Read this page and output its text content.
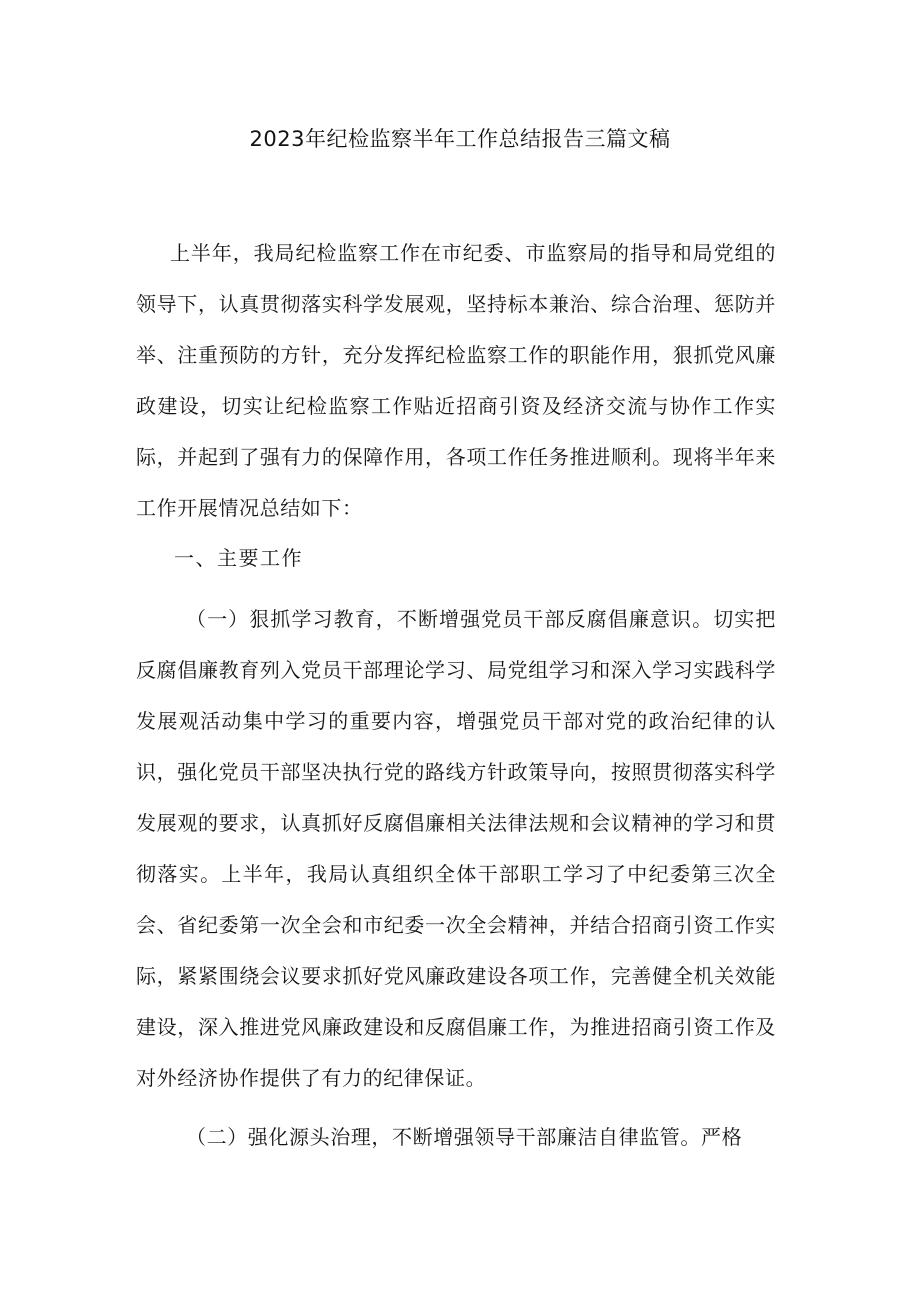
2023年纪检监察半年工作总结报告三篇文稿

上半年，我局纪检监察工作在市纪委、市监察局的指导和局党组的领导下，认真贯彻落实科学发展观，坚持标本兼治、综合治理、惩防并举、注重预防的方针，充分发挥纪检监察工作的职能作用，狠抓党风廉政建设，切实让纪检监察工作贴近招商引资及经济交流与协作工作实际，并起到了强有力的保障作用，各项工作任务推进顺利。现将半年来工作开展情况总结如下：

一、主要工作

（一）狠抓学习教育，不断增强党员干部反腐倡廉意识。切实把反腐倡廉教育列入党员干部理论学习、局党组学习和深入学习实践科学发展观活动集中学习的重要内容，增强党员干部对党的政治纪律的认识，强化党员干部坚决执行党的路线方针政策导向，按照贯彻落实科学发展观的要求，认真抓好反腐倡廉相关法律法规和会议精神的学习和贯彻落实。上半年，我局认真组织全体干部职工学习了中纪委第三次全会、省纪委第一次全会和市纪委一次全会精神，并结合招商引资工作实际，紧紧围绕会议要求抓好党风廉政建设各项工作，完善健全机关效能建设，深入推进党风廉政建设和反腐倡廉工作，为推进招商引资工作及对外经济协作提供了有力的纪律保证。

（二）强化源头治理，不断增强领导干部廉洁自律监管。严格
